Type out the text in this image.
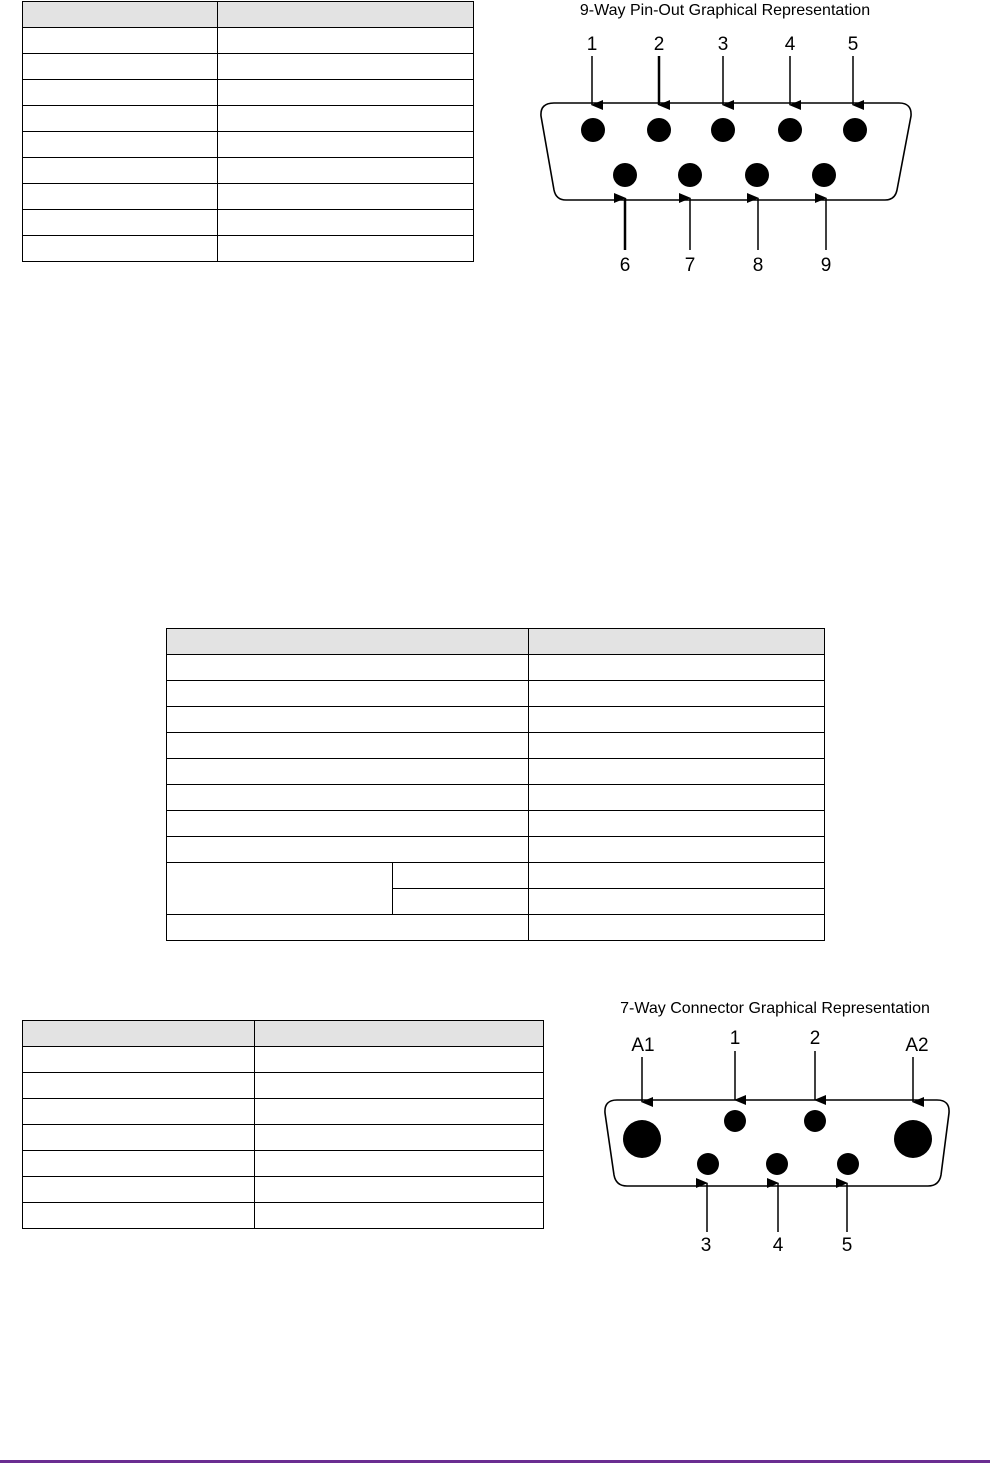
9-Way Pin-Out Graphical Representation
1	2	3	4	5
6	7	8	9
7-Way Connector Graphical Representation
A1	1	2	A2
3	4	5
